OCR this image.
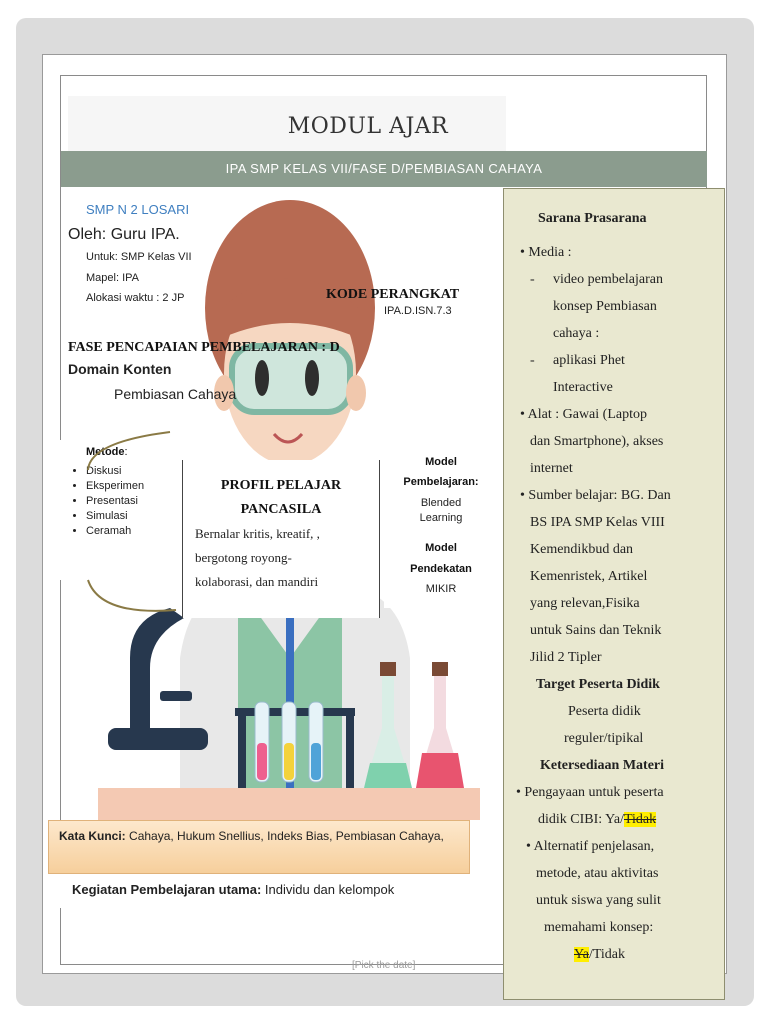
MODUL AJAR
IPA SMP KELAS VII/FASE D/PEMBIASAN CAHAYA
SMP N 2 LOSARI
Oleh: Guru IPA.
Untuk: SMP Kelas VII
Mapel: IPA
Alokasi waktu : 2 JP	KODE PERANGKAT
IPA.D.ISN.7.3
FASE PENCAPAIAN PEMBELAJARAN : D
Domain Konten
Pembiasan Cahaya
Metode:
• Diskusi
• Eksperimen
• Presentasi
• Simulasi
• Ceramah
PROFIL PELAJAR
PANCASILA
Bernalar kritis, kreatif, ,
bergotong royong-
kolaborasi, dan mandiri
Model
Pembelajaran:
Blended
Learning
Model
Pendekatan
MIKIR
Kata Kunci: Cahaya, Hukum Snellius, Indeks Bias, Pembiasan Cahaya,
Kegiatan Pembelajaran utama: Individu dan kelompok
[Pick the date]
Sarana Prasarana
• Media :
- video pembelajaran
konsep Pembiasan
cahaya :
- aplikasi Phet
Interactive
• Alat : Gawai (Laptop
dan Smartphone), akses
internet
• Sumber belajar: BG. Dan
BS IPA SMP Kelas VIII
Kemendikbud dan
Kemenristek, Artikel
yang relevan,Fisika
untuk Sains dan Teknik
Jilid 2 Tipler
Target Peserta Didik
Peserta didik
reguler/tipikal
Ketersediaan Materi
• Pengayaan untuk peserta
didik CIBI: Ya/Tidak
• Alternatif penjelasan,
metode, atau aktivitas
untuk siswa yang sulit
memahami konsep:
Ya/Tidak
